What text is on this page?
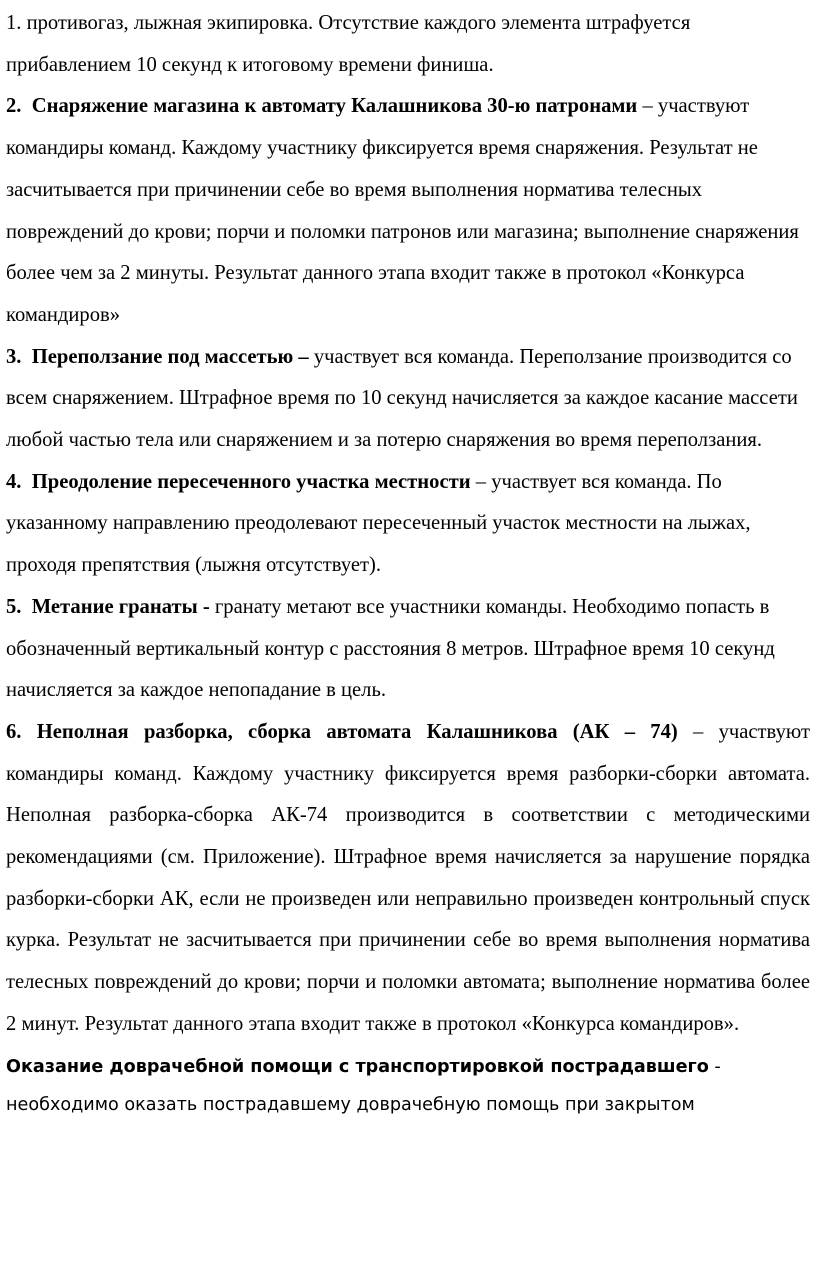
1. противогаз, лыжная экипировка. Отсутствие каждого элемента штрафуется прибавлением 10 секунд к итоговому времени финиша.

2. Снаряжение магазина к автомату Калашникова 30-ю патронами – участвуют командиры команд. Каждому участнику фиксируется время снаряжения. Результат не засчитывается при причинении себе во время выполнения норматива телесных повреждений до крови; порчи и поломки патронов или магазина; выполнение снаряжения более чем за 2 минуты. Результат данного этапа входит также в протокол «Конкурса командиров»

3. Переползание под массетью – участвует вся команда. Переползание производится со всем снаряжением. Штрафное время по 10 секунд начисляется за каждое касание массети любой частью тела или снаряжением и за потерю снаряжения во время переползания.

4. Преодоление пересеченного участка местности – участвует вся команда. По указанному направлению преодолевают пересеченный участок местности на лыжах, проходя препятствия (лыжня отсутствует).

5. Метание гранаты - гранату метают все участники команды. Необходимо попасть в обозначенный вертикальный контур с расстояния 8 метров. Штрафное время 10 секунд начисляется за каждое непопадание в цель.

6. Неполная разборка, сборка автомата Калашникова (АК – 74) – участвуют командиры команд. Каждому участнику фиксируется время разборки-сборки автомата. Неполная разборка-сборка АК-74 производится в соответствии с методическими рекомендациями (см. Приложение). Штрафное время начисляется за нарушение порядка разборки-сборки АК, если не произведен или неправильно произведен контрольный спуск курка. Результат не засчитывается при причинении себе во время выполнения норматива телесных повреждений до крови; порчи и поломки автомата; выполнение норматива более 2 минут. Результат данного этапа входит также в протокол «Конкурса командиров».

Оказание доврачебной помощи с транспортировкой пострадавшего - необходимо оказать пострадавшему доврачебную помощь при закрытом
